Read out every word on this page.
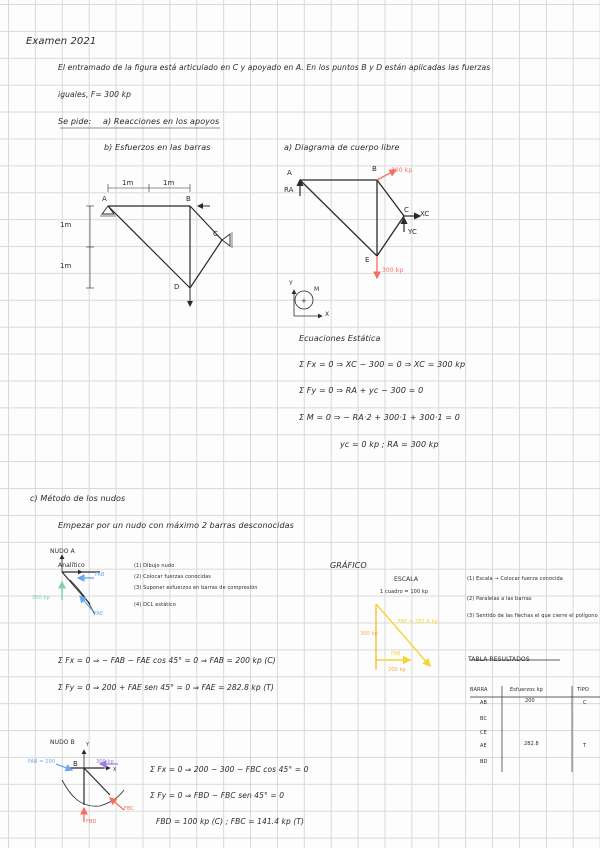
+
Examen 2021
El entramado de la figura está articulado en C y apoyado en A. En los puntos B y D están aplicadas las fuerzas
iguales, F= 300 kp
Se pide: a) Reacciones en los apoyos
b) Esfuerzos en las barras	a) Diagrama de cuerpo libre
1m	1m
1m
1m
A	B
C
D
A	B
C
E
RA
XC
YC
300 kp
300 kp
Y
X
M
Ecuaciones Estática
Σ Fx = 0 ⇒ XC − 300 = 0 ⇒ XC = 300 kp
Σ Fy = 0 ⇒ RA + yc − 300 = 0
Σ M = 0 ⇒ − RA·2 + 300·1 + 300·1 = 0
yc = 0 kp ; RA = 300 kp
c) Método de los nudos
Empezar por un nudo con máximo 2 barras desconocidas
NUDO A
Analítico
300 kp
FAB
FAE
(1) Dibujo nudo
(2) Colocar fuerzas conocidas
(3) Suponer esfuerzos en barras de compresión
(4) DCL estático
GRÁFICO
ESCALA
1 cuadro = 100 kp
FAE = 282.8 kp
300 kp
FAB
200 kp
(1) Escala → Colocar fuerza conocida
(2) Paralelas a las barras
(3) Sentido de las flechas el que cierre el polígono
Σ Fx = 0 ⇒ − FAB − FAE cos 45° = 0 ⇒ FAB = 200 kp (C)
Σ Fy = 0 ⇒ 200 + FAE sen 45° = 0 ⇒ FAE = 282.8 kp (T)
TABLA RESULTADOS
BARRA	Esfuerzos kp	TIPO
AB	200	C
BC
CE
AE	282.8	T
BD
NUDO B
FAB = 200	300 kp
B
Y
X
FBD
FBC
Σ Fx = 0 ⇒ 200 − 300 − FBC cos 45° = 0
Σ Fy = 0 ⇒ FBD − FBC sen 45° = 0
FBD = 100 kp (C) ; FBC = 141.4 kp (T)
